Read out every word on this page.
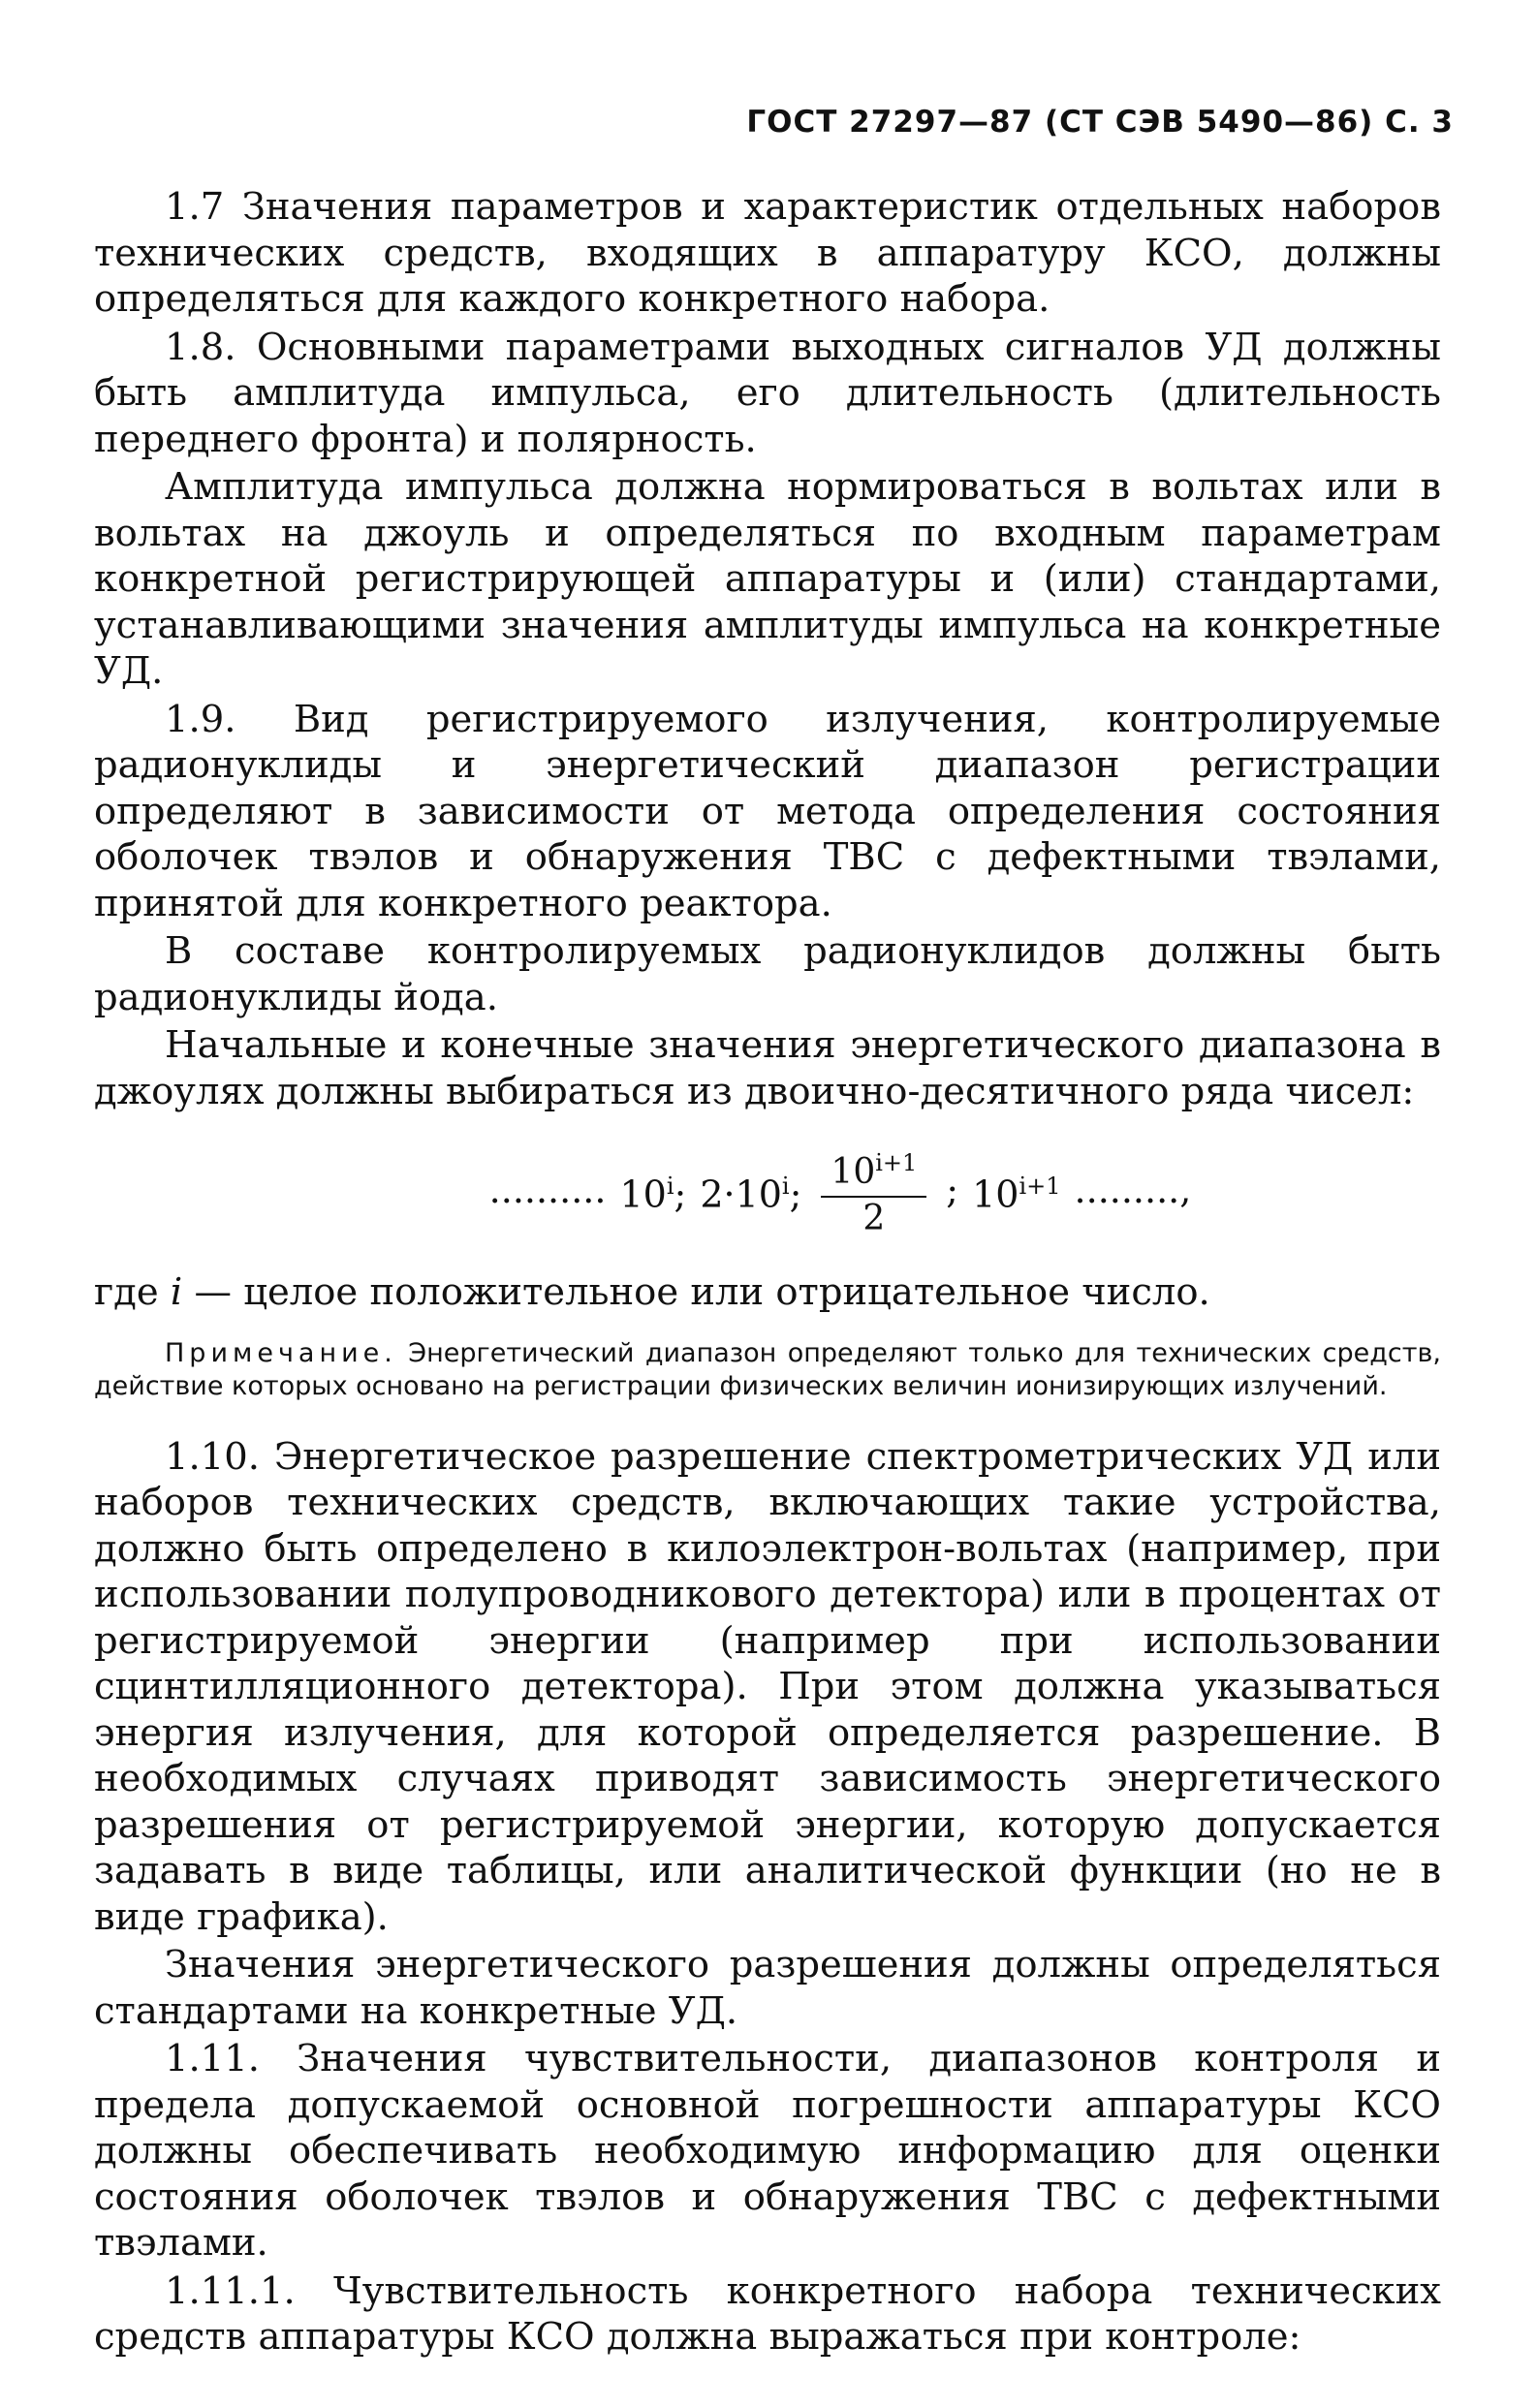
ГОСТ 27297—87 (СТ СЭВ 5490—86) С. 3

1.7 Значения параметров и характеристик отдельных наборов технических средств, входящих в аппаратуру КСО, должны определяться для каждого конкретного набора.

1.8. Основными параметрами выходных сигналов УД должны быть амплитуда импульса, его длительность (длительность переднего фронта) и полярность.

Амплитуда импульса должна нормироваться в вольтах или в вольтах на джоуль и определяться по входным параметрам конкретной регистрирующей аппаратуры и (или) стандартами, устанавливающими значения амплитуды импульса на конкретные УД.

1.9. Вид регистрируемого излучения, контролируемые радионуклиды и энергетический диапазон регистрации определяют в зависимости от метода определения состояния оболочек твэлов и обнаружения ТВС с дефектными твэлами, принятой для конкретного реактора.

В составе контролируемых радионуклидов должны быть радионуклиды йода.

Начальные и конечные значения энергетического диапазона в джоулях должны выбираться из двоично-десятичного ряда чисел:

.......... 10$^i$; $2\cdot 10^i$; $\frac{10^{i+1}}{2}$ ; $10^{i+1}$ .........,

где i — целое положительное или отрицательное число.

Примечание. Энергетический диапазон определяют только для технических средств, действие которых основано на регистрации физических величин ионизирующих излучений.

1.10. Энергетическое разрешение спектрометрических УД или наборов технических средств, включающих такие устройства, должно быть определено в килоэлектрон-вольтах (например, при использовании полупроводникового детектора) или в процентах от регистрируемой энергии (например при использовании сцинтилляционного детектора). При этом должна указываться энергия излучения, для которой определяется разрешение. В необходимых случаях приводят зависимость энергетического разрешения от регистрируемой энергии, которую допускается задавать в виде таблицы, или аналитической функции (но не в виде графика).

Значения энергетического разрешения должны определяться стандартами на конкретные УД.

1.11. Значения чувствительности, диапазонов контроля и предела допускаемой основной погрешности аппаратуры КСО должны обеспечивать необходимую информацию для оценки состояния оболочек твэлов и обнаружения ТВС с дефектными твэлами.

1.11.1. Чувствительность конкретного набора технических средств аппаратуры КСО должна выражаться при контроле:
